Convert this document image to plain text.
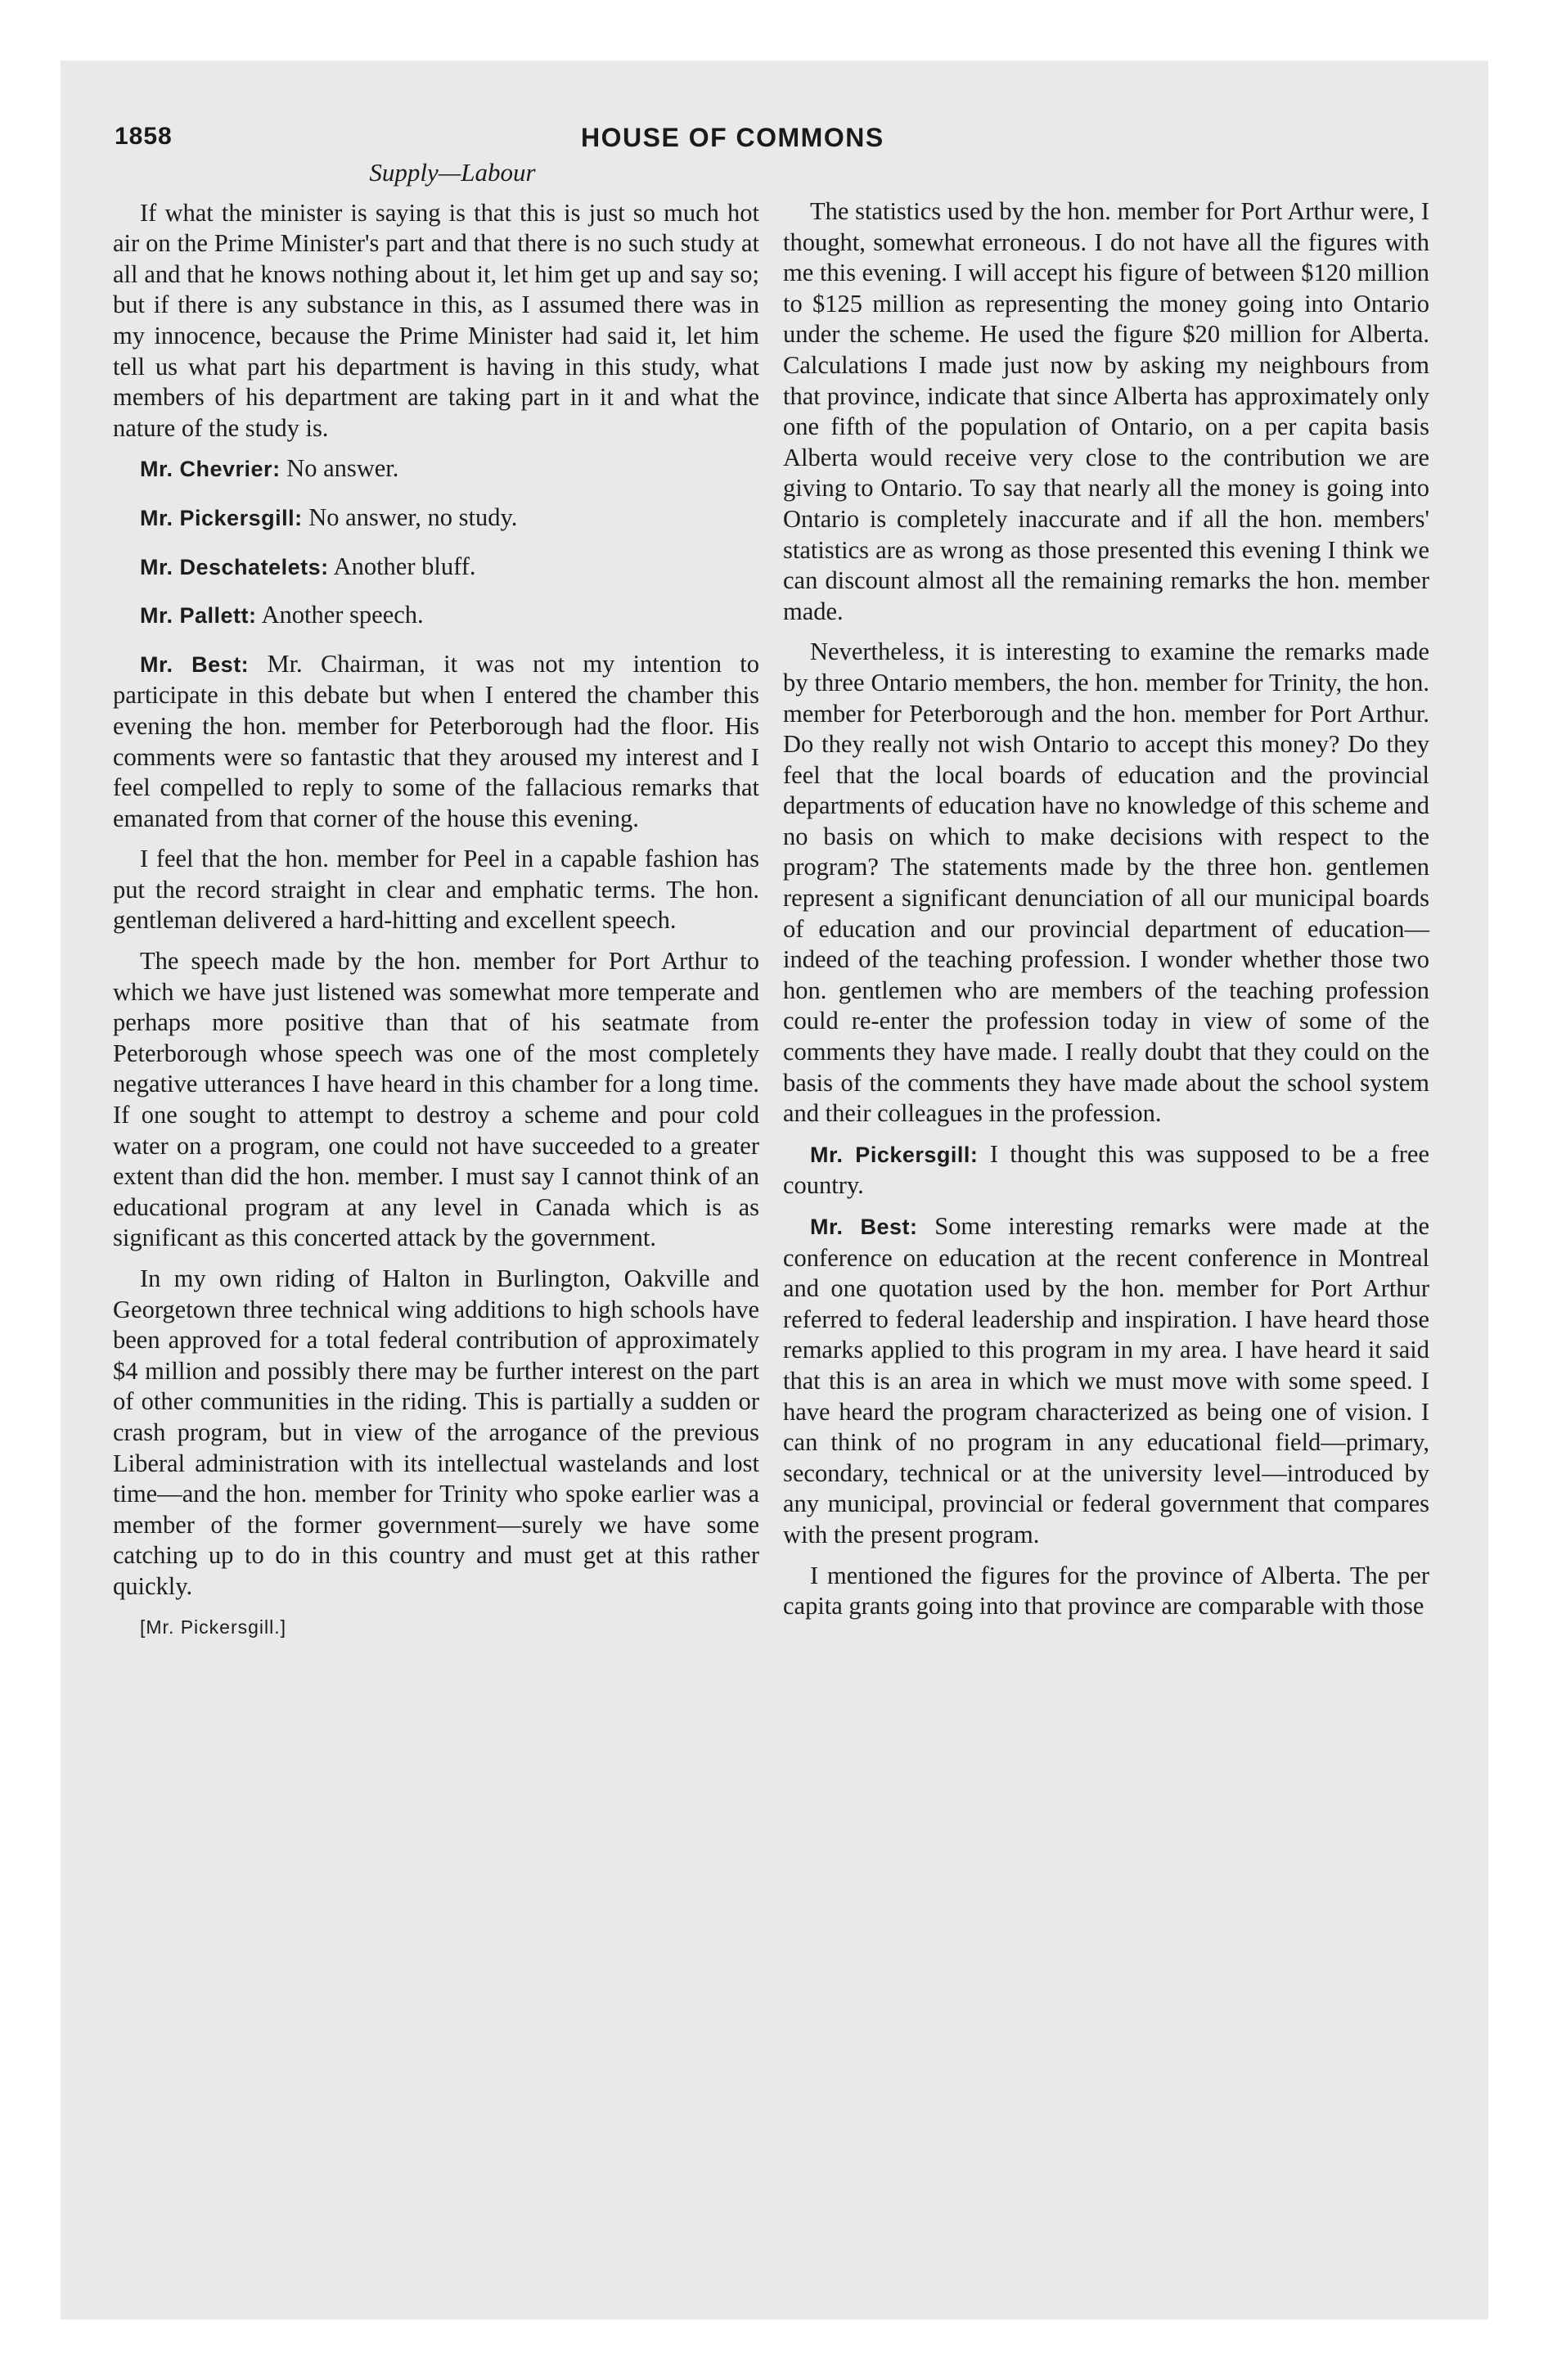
1858	HOUSE OF COMMONS
Supply—Labour

If what the minister is saying is that this is just so much hot air on the Prime Minister's part and that there is no such study at all and that he knows nothing about it, let him get up and say so; but if there is any substance in this, as I assumed there was in my innocence, because the Prime Minister had said it, let him tell us what part his department is having in this study, what members of his department are taking part in it and what the nature of the study is.

Mr. Chevrier: No answer.

Mr. Pickersgill: No answer, no study.

Mr. Deschatelets: Another bluff.

Mr. Pallett: Another speech.

Mr. Best: Mr. Chairman, it was not my intention to participate in this debate but when I entered the chamber this evening the hon. member for Peterborough had the floor. His comments were so fantastic that they aroused my interest and I feel compelled to reply to some of the fallacious remarks that emanated from that corner of the house this evening.

I feel that the hon. member for Peel in a capable fashion has put the record straight in clear and emphatic terms. The hon. gentleman delivered a hard-hitting and excellent speech.

The speech made by the hon. member for Port Arthur to which we have just listened was somewhat more temperate and perhaps more positive than that of his seatmate from Peterborough whose speech was one of the most completely negative utterances I have heard in this chamber for a long time. If one sought to attempt to destroy a scheme and pour cold water on a program, one could not have succeeded to a greater extent than did the hon. member. I must say I cannot think of an educational program at any level in Canada which is as significant as this concerted attack by the government.

In my own riding of Halton in Burlington, Oakville and Georgetown three technical wing additions to high schools have been approved for a total federal contribution of approximately $4 million and possibly there may be further interest on the part of other communities in the riding. This is partially a sudden or crash program, but in view of the arrogance of the previous Liberal administration with its intellectual wastelands and lost time—and the hon. member for Trinity who spoke earlier was a member of the former government—surely we have some catching up to do in this country and must get at this rather quickly.

[Mr. Pickersgill.]

The statistics used by the hon. member for Port Arthur were, I thought, somewhat erroneous. I do not have all the figures with me this evening. I will accept his figure of between $120 million to $125 million as representing the money going into Ontario under the scheme. He used the figure $20 million for Alberta. Calculations I made just now by asking my neighbours from that province, indicate that since Alberta has approximately only one fifth of the population of Ontario, on a per capita basis Alberta would receive very close to the contribution we are giving to Ontario. To say that nearly all the money is going into Ontario is completely inaccurate and if all the hon. members' statistics are as wrong as those presented this evening I think we can discount almost all the remaining remarks the hon. member made.

Nevertheless, it is interesting to examine the remarks made by three Ontario members, the hon. member for Trinity, the hon. member for Peterborough and the hon. member for Port Arthur. Do they really not wish Ontario to accept this money? Do they feel that the local boards of education and the provincial departments of education have no knowledge of this scheme and no basis on which to make decisions with respect to the program? The statements made by the three hon. gentlemen represent a significant denunciation of all our municipal boards of education and our provincial department of education—indeed of the teaching profession. I wonder whether those two hon. gentlemen who are members of the teaching profession could re-enter the profession today in view of some of the comments they have made. I really doubt that they could on the basis of the comments they have made about the school system and their colleagues in the profession.

Mr. Pickersgill: I thought this was supposed to be a free country.

Mr. Best: Some interesting remarks were made at the conference on education at the recent conference in Montreal and one quotation used by the hon. member for Port Arthur referred to federal leadership and inspiration. I have heard those remarks applied to this program in my area. I have heard it said that this is an area in which we must move with some speed. I have heard the program characterized as being one of vision. I can think of no program in any educational field—primary, secondary, technical or at the university level—introduced by any municipal, provincial or federal government that compares with the present program.

I mentioned the figures for the province of Alberta. The per capita grants going into that province are comparable with those
